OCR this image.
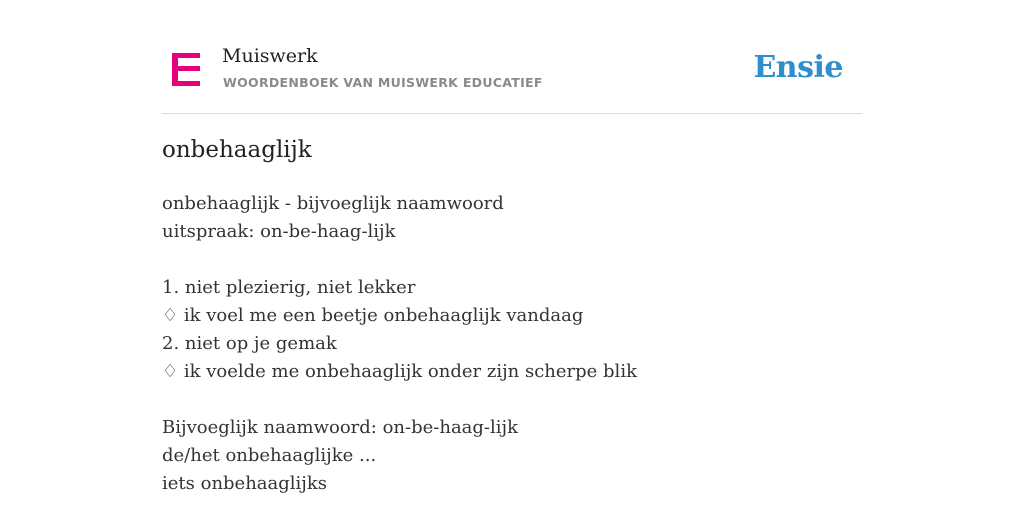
Muiswerk
WOORDENBOEK VAN MUISWERK EDUCATIEF	Ensie
onbehaaglijk
onbehaaglijk - bijvoeglijk naamwoord
uitspraak: on-be-haag-lijk
1. niet plezierig, niet lekker
♢ ik voel me een beetje onbehaaglijk vandaag
2. niet op je gemak
♢ ik voelde me onbehaaglijk onder zijn scherpe blik
Bijvoeglijk naamwoord: on-be-haag-lijk
de/het onbehaaglijke ...
iets onbehaaglijks
